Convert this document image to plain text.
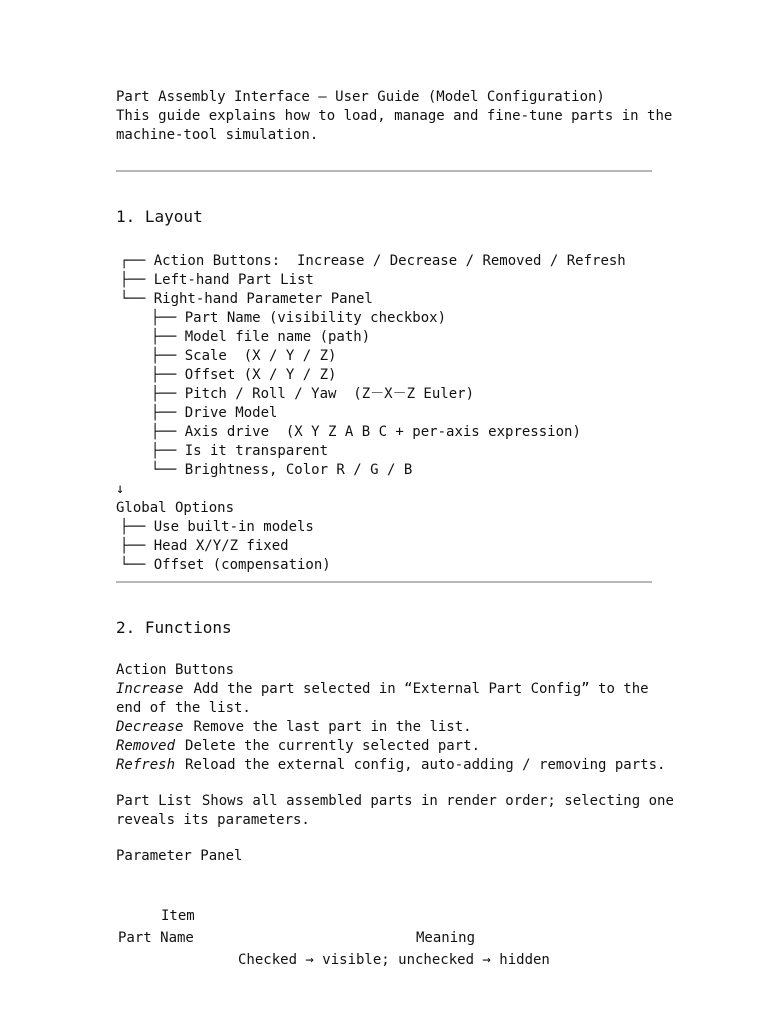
Part Assembly Interface — User Guide (Model Configuration)
This guide explains how to load, manage and fine-tune parts in the
machine-tool simulation.
1. Layout
┌── Action Buttons:  Increase / Decrease / Removed / Refresh
├── Left-hand Part List
└── Right-hand Parameter Panel
├── Part Name (visibility checkbox)
├── Model file name (path)
├── Scale  (X / Y / Z)
├── Offset (X / Y / Z)
├── Pitch / Roll / Yaw  (Z－X－Z Euler)
├── Drive Model
├── Axis drive  (X Y Z A B C + per-axis expression)
├── Is it transparent
└── Brightness, Color R / G / B
↓
Global Options
├── Use built-in models
├── Head X/Y/Z fixed
└── Offset (compensation)
2. Functions
Action Buttons
Increase Add the part selected in “External Part Config” to the
end of the list.
Decrease Remove the last part in the list.
Removed Delete the currently selected part.
Refresh Reload the external config, auto-adding / removing parts.
Part List Shows all assembled parts in render order; selecting one
reveals its parameters.
Parameter Panel

Item

Meaning

Part Name

Checked → visible; unchecked → hidden
